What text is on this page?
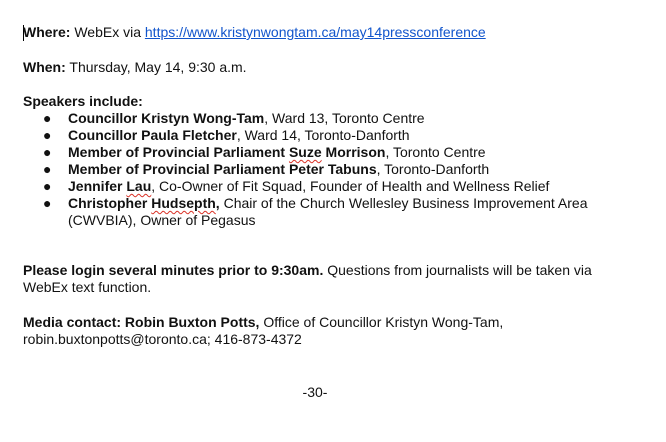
Where: WebEx via https://www.kristynwongtam.ca/may14pressconference
When: Thursday, May 14, 9:30 a.m.
Speakers include:
● Councillor Kristyn Wong-Tam, Ward 13, Toronto Centre
● Councillor Paula Fletcher, Ward 14, Toronto-Danforth
● Member of Provincial Parliament Suze Morrison, Toronto Centre
● Member of Provincial Parliament Peter Tabuns, Toronto-Danforth
● Jennifer Lau, Co-Owner of Fit Squad, Founder of Health and Wellness Relief
● Christopher Hudsepth, Chair of the Church Wellesley Business Improvement Area
(CWVBIA), Owner of Pegasus
Please login several minutes prior to 9:30am. Questions from journalists will be taken via
WebEx text function.
Media contact: Robin Buxton Potts, Office of Councillor Kristyn Wong-Tam,
robin.buxtonpotts@toronto.ca; 416-873-4372
-30-
